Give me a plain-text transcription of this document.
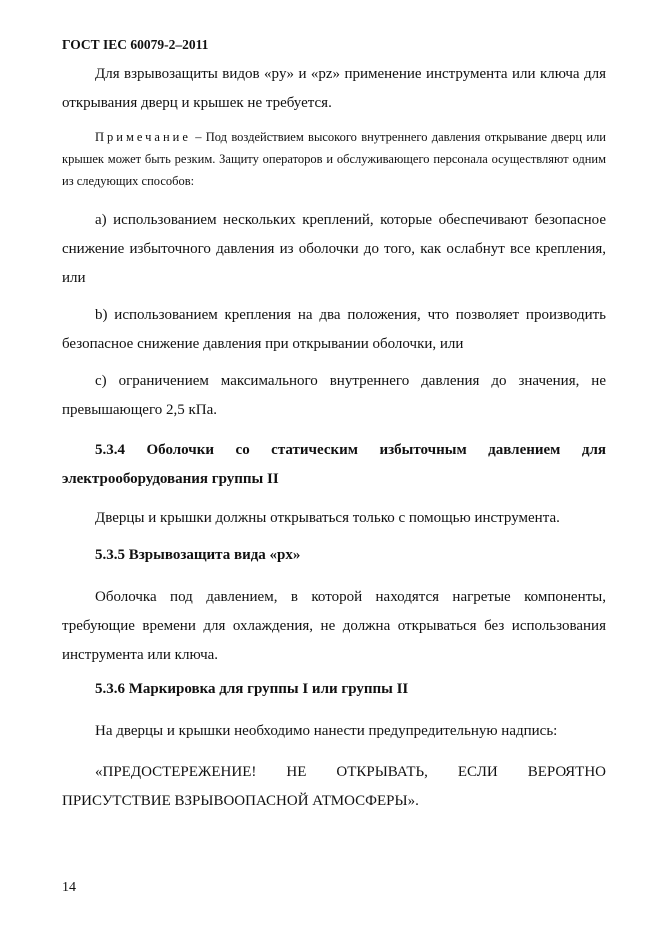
ГОСТ IEC 60079-2–2011

Для взрывозащиты видов «py» и «pz» применение инструмента или ключа для открывания дверц и крышек не требуется.

Примечание – Под воздействием высокого внутреннего давления открывание дверц или крышек может быть резким. Защиту операторов и обслуживающего персонала осуществляют одним из следующих способов:

а) использованием нескольких креплений, которые обеспечивают безопасное снижение избыточного давления из оболочки до того, как ослабнут все крепления, или

b) использованием крепления на два положения, что позволяет производить безопасное снижение давления при открывании оболочки, или

c) ограничением максимального внутреннего давления до значения, не превышающего 2,5 кПа.

5.3.4 Оболочки со статическим избыточным давлением для электрооборудования группы II

Дверцы и крышки должны открываться только с помощью инструмента.

5.3.5 Взрывозащита вида «px»

Оболочка под давлением, в которой находятся нагретые компоненты, требующие времени для охлаждения, не должна открываться без использования инструмента или ключа.

5.3.6 Маркировка для группы I или группы II

На дверцы и крышки необходимо нанести предупредительную надпись:

«ПРЕДОСТЕРЕЖЕНИЕ! НЕ ОТКРЫВАТЬ, ЕСЛИ ВЕРОЯТНО ПРИСУТСТВИЕ ВЗРЫВООПАСНОЙ АТМОСФЕРЫ».

14
